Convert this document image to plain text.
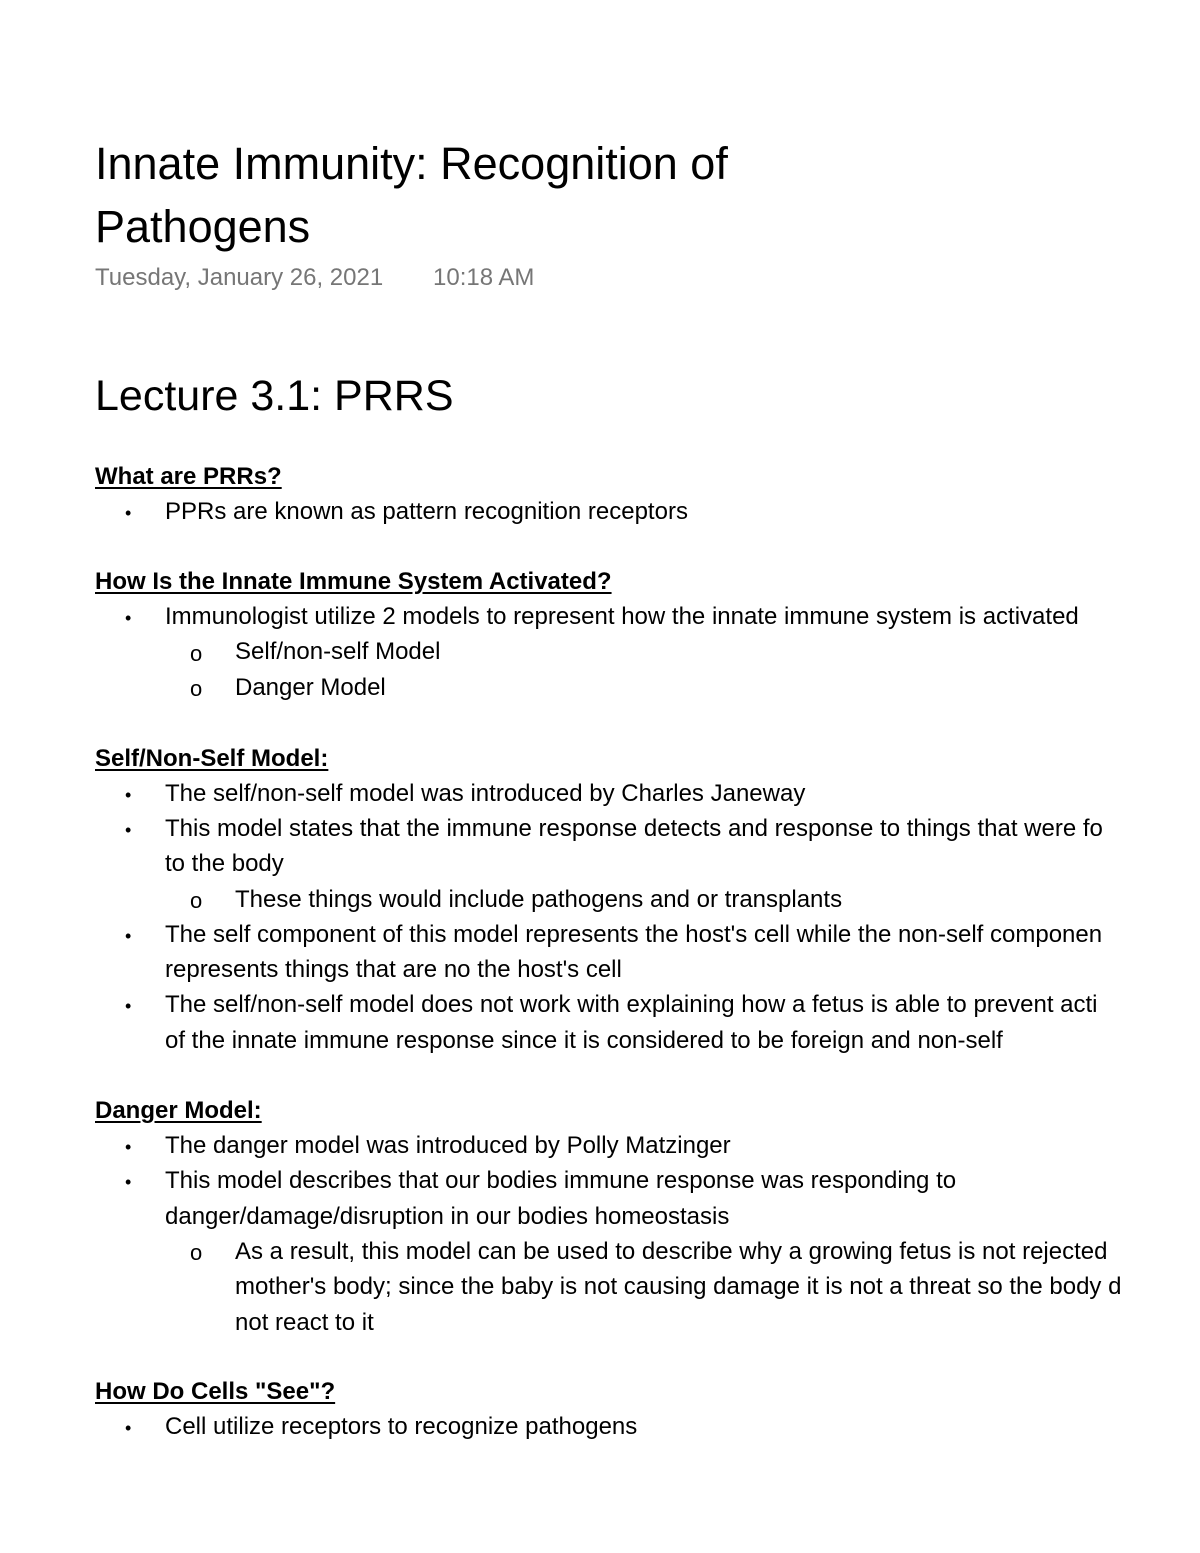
Innate Immunity: Recognition of Pathogens
Tuesday, January 26, 2021 10:18 AM
Lecture 3.1: PRRS
What are PRRs?
• PPRs are known as pattern recognition receptors
How Is the Innate Immune System Activated?
• Immunologist utilize 2 models to represent how the innate immune system is activated
o Self/non-self Model
o Danger Model
Self/Non-Self Model:
• The self/non-self model was introduced by Charles Janeway
• This model states that the immune response detects and response to things that were fo
to the body
o These things would include pathogens and or transplants
• The self component of this model represents the host's cell while the non-self componen
represents things that are no the host's cell
• The self/non-self model does not work with explaining how a fetus is able to prevent acti
of the innate immune response since it is considered to be foreign and non-self
Danger Model:
• The danger model was introduced by Polly Matzinger
• This model describes that our bodies immune response was responding to
danger/damage/disruption in our bodies homeostasis
o As a result, this model can be used to describe why a growing fetus is not rejected
mother's body; since the baby is not causing damage it is not a threat so the body d
not react to it
How Do Cells "See"?
• Cell utilize receptors to recognize pathogens
